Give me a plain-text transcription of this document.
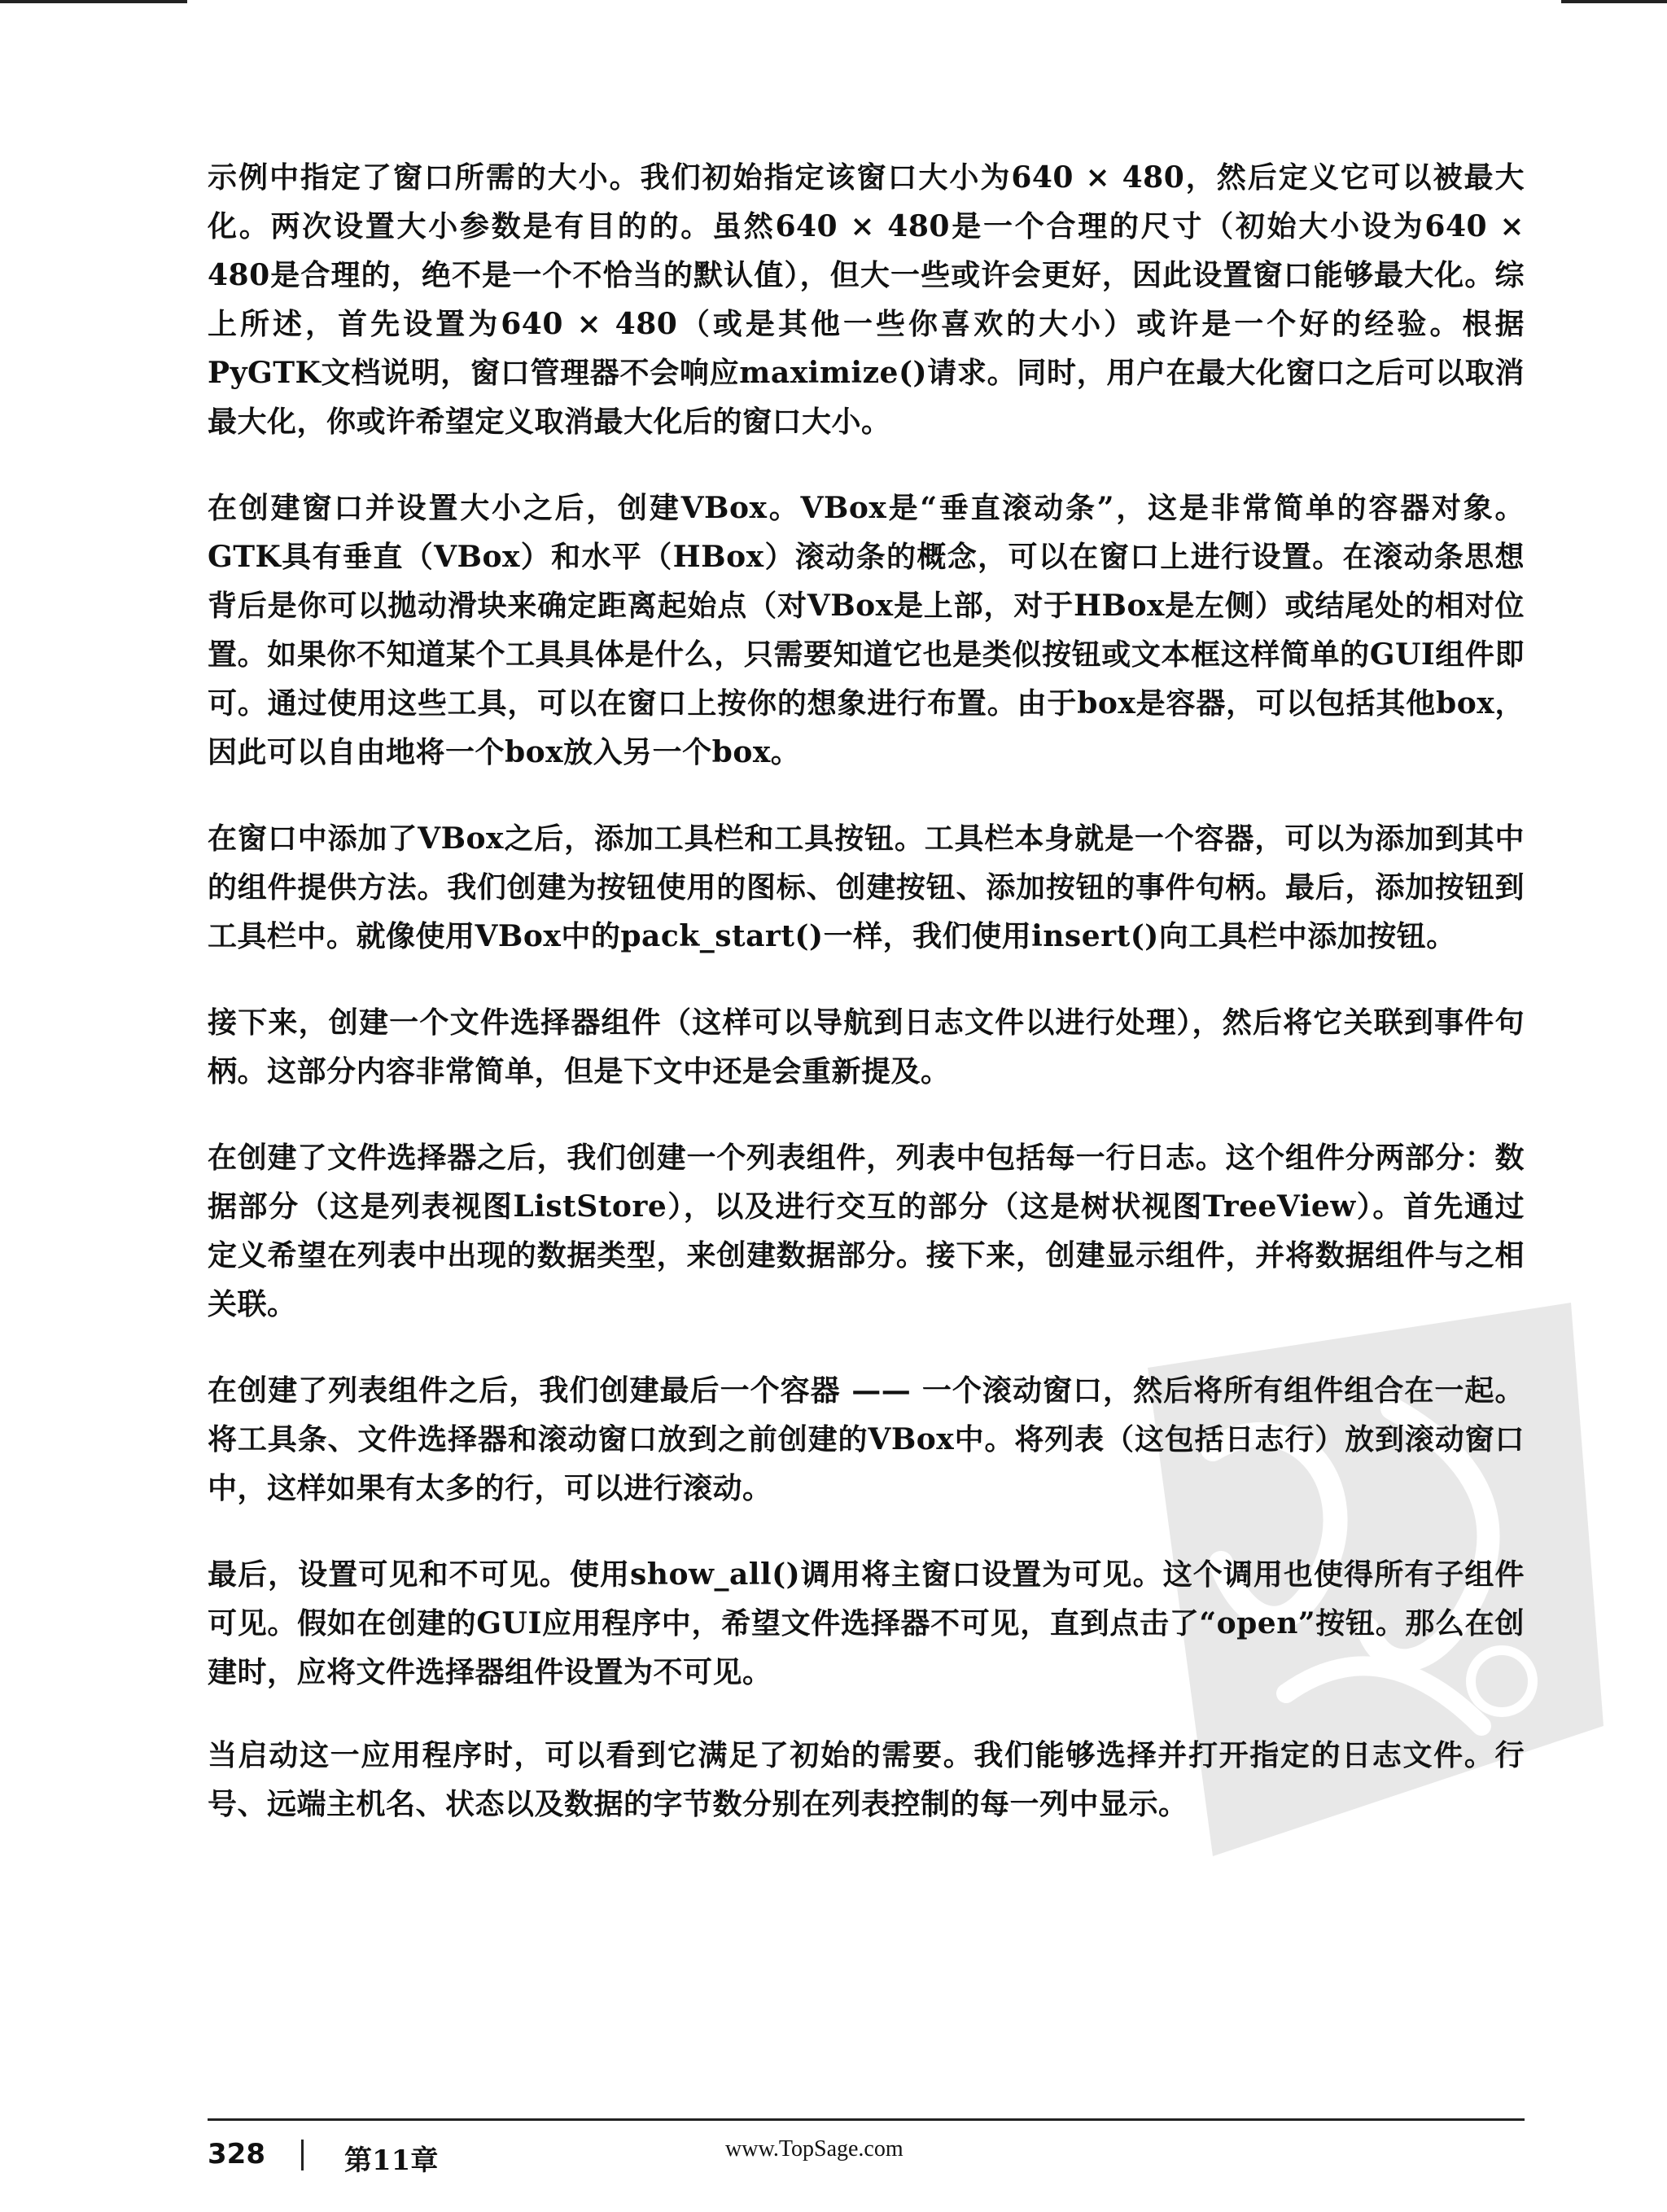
示例中指定了窗口所需的大小。我们初始指定该窗口大小为640 × 480，然后定义它可以被最大化。两次设置大小参数是有目的的。虽然640 × 480是一个合理的尺寸（初始大小设为640 × 480是合理的，绝不是一个不恰当的默认值），但大一些或许会更好，因此设置窗口能够最大化。综上所述，首先设置为640 × 480（或是其他一些你喜欢的大小）或许是一个好的经验。根据PyGTK文档说明，窗口管理器不会响应maximize()请求。同时，用户在最大化窗口之后可以取消最大化，你或许希望定义取消最大化后的窗口大小。

在创建窗口并设置大小之后，创建VBox。VBox是“垂直滚动条”，这是非常简单的容器对象。GTK具有垂直（VBox）和水平（HBox）滚动条的概念，可以在窗口上进行设置。在滚动条思想背后是你可以拋动滑块来确定距离起始点（对VBox是上部，对于HBox是左侧）或结尾处的相对位置。如果你不知道某个工具具体是什么，只需要知道它也是类似按钮或文本框这样简单的GUI组件即可。通过使用这些工具，可以在窗口上按你的想象进行布置。由于box是容器，可以包括其他box，因此可以自由地将一个box放入另一个box。

在窗口中添加了VBox之后，添加工具栏和工具按钮。工具栏本身就是一个容器，可以为添加到其中的组件提供方法。我们创建为按钮使用的图标、创建按钮、添加按钮的事件句柄。最后，添加按钮到工具栏中。就像使用VBox中的pack_start()一样，我们使用insert()向工具栏中添加按钮。

接下来，创建一个文件选择器组件（这样可以导航到日志文件以进行处理），然后将它关联到事件句柄。这部分内容非常简单，但是下文中还是会重新提及。

在创建了文件选择器之后，我们创建一个列表组件，列表中包括每一行日志。这个组件分两部分：数据部分（这是列表视图ListStore），以及进行交互的部分（这是树状视图TreeView）。首先通过定义希望在列表中出现的数据类型，来创建数据部分。接下来，创建显示组件，并将数据组件与之相关联。

在创建了列表组件之后，我们创建最后一个容器 —— 一个滚动窗口，然后将所有组件组合在一起。将工具条、文件选择器和滚动窗口放到之前创建的VBox中。将列表（这包括日志行）放到滚动窗口中，这样如果有太多的行，可以进行滚动。

最后，设置可见和不可见。使用show_all()调用将主窗口设置为可见。这个调用也使得所有子组件可见。假如在创建的GUI应用程序中，希望文件选择器不可见，直到点击了“open”按钮。那么在创建时，应将文件选择器组件设置为不可见。

当启动这一应用程序时，可以看到它满足了初始的需要。我们能够选择并打开指定的日志文件。行号、远端主机名、状态以及数据的字节数分别在列表控制的每一列中显示。

328	第11章	www.TopSage.com
